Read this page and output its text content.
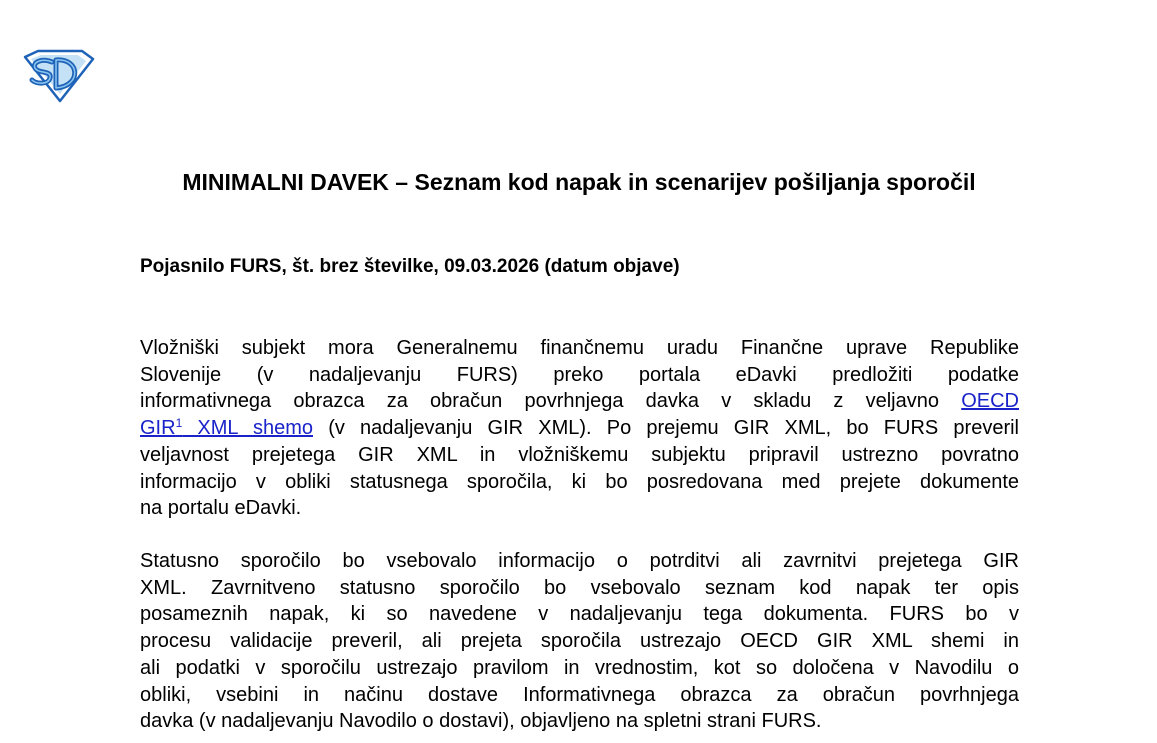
MINIMALNI DAVEK – Seznam kod napak in scenarijev pošiljanja sporočil

Pojasnilo FURS, št. brez številke, 09.03.2026 (datum objave)

Vložniški subjekt mora Generalnemu finančnemu uradu Finančne uprave Republike
Slovenije (v nadaljevanju FURS) preko portala eDavki predložiti podatke
informativnega obrazca za obračun povrhnjega davka v skladu z veljavno OECD
GIR$^1$ XML shemo (v nadaljevanju GIR XML). Po prejemu GIR XML, bo FURS preveril
veljavnost prejetega GIR XML in vložniškemu subjektu pripravil ustrezno povratno
informacijo v obliki statusnega sporočila, ki bo posredovana med prejete dokumente
na portalu eDavki.
Statusno sporočilo bo vsebovalo informacijo o potrditvi ali zavrnitvi prejetega GIR
XML. Zavrnitveno statusno sporočilo bo vsebovalo seznam kod napak ter opis
posameznih napak, ki so navedene v nadaljevanju tega dokumenta. FURS bo v
procesu validacije preveril, ali prejeta sporočila ustrezajo OECD GIR XML shemi in
ali podatki v sporočilu ustrezajo pravilom in vrednostim, kot so določena v Navodilu o
obliki, vsebini in načinu dostave Informativnega obrazca za obračun povrhnjega
davka (v nadaljevanju Navodilo o dostavi), objavljeno na spletni strani FURS.
